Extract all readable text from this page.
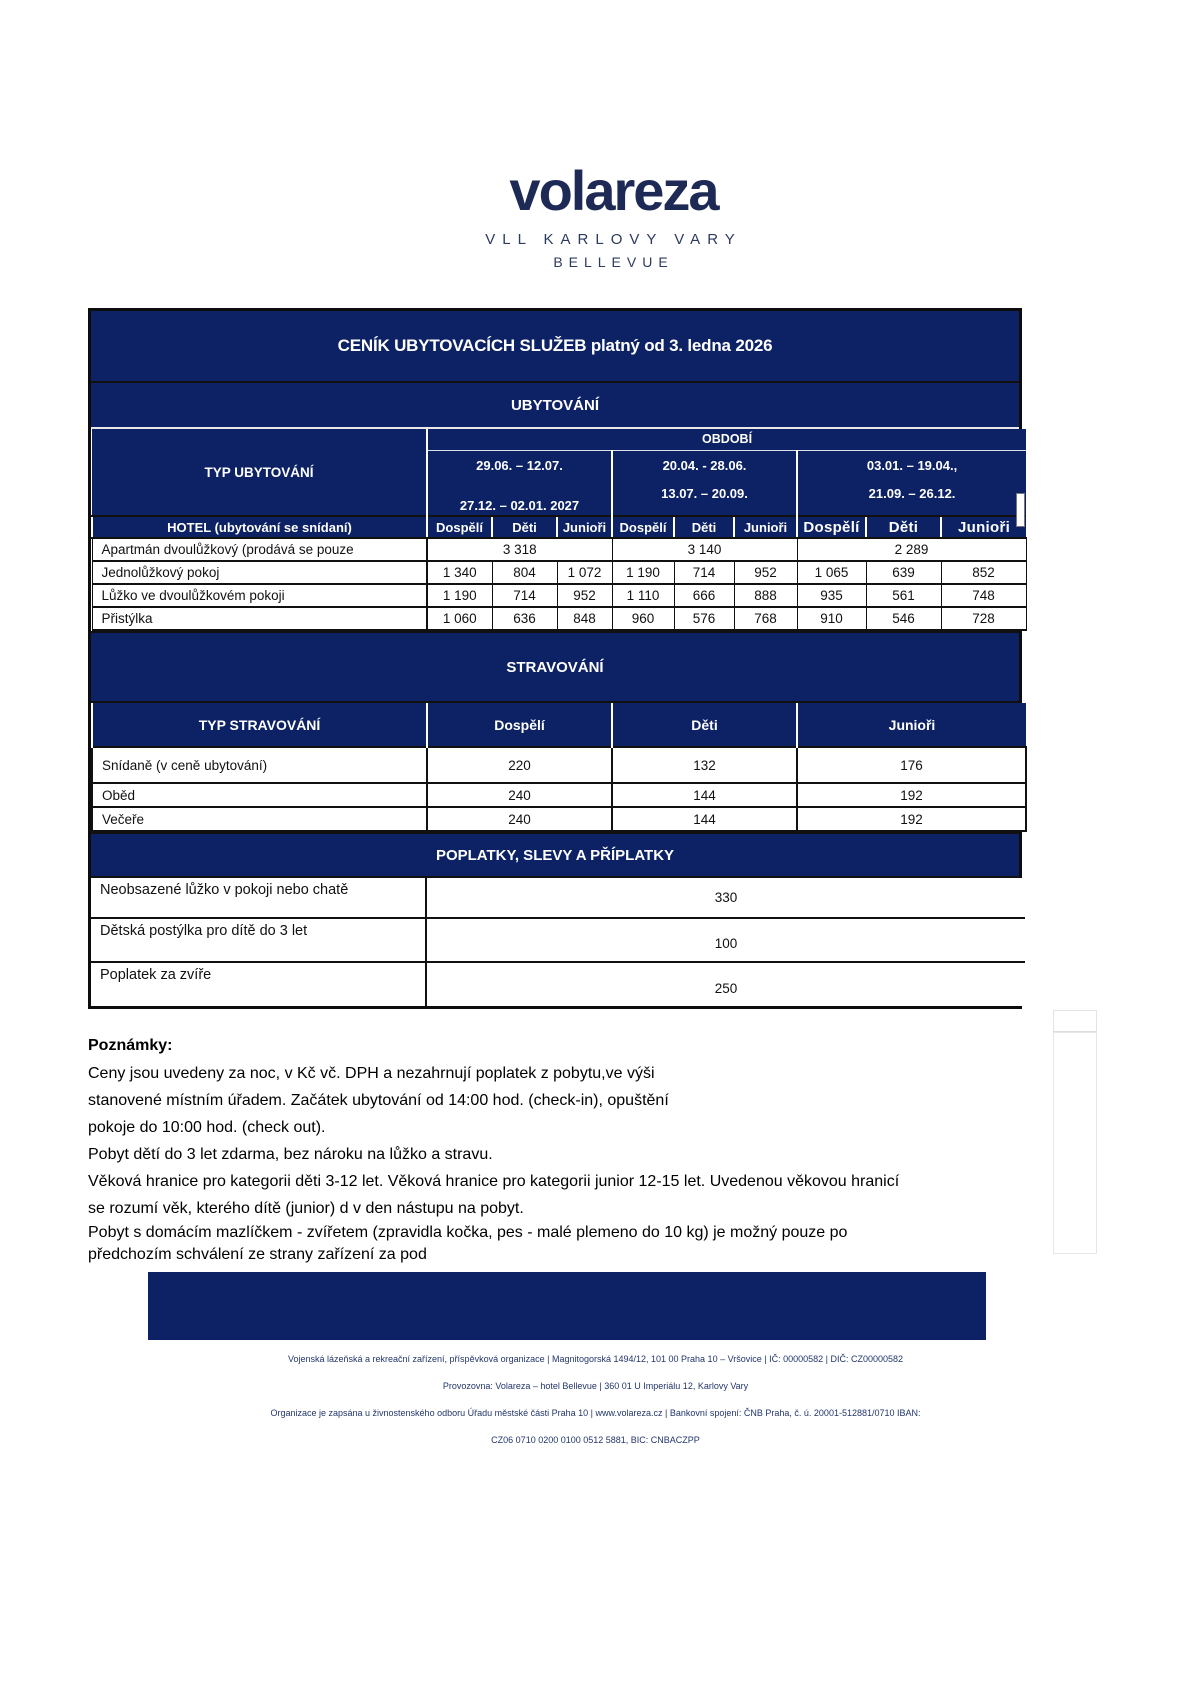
volareza
VLL KARLOVY VARY
BELLEVUE
CENÍK UBYTOVACÍCH SLUŽEB platný od 3. ledna 2026
UBYTOVÁNÍ
TYP UBYTOVÁNÍ	OBDOBÍ								

29.06. – 12.07.
27.12. – 02.01. 2027

20.04. - 28.06.
13.07. – 20.09.

03.01. – 19.04.,
21.09. – 26.12.

HOTEL (ubytování se snídaní)	Dospělí	Děti	Junioři	Dospělí	Děti	Junioři	Dospělí	Děti	Junioři
Apartmán dvoulůžkový (prodává se pouze	3 318			3 140			2 289		
Jednolůžkový pokoj	1 340	804	1 072	1 190	714	952	1 065	639	852
Lůžko ve dvoulůžkovém pokoji	1 190	714	952	1 110	666	888	935	561	748
Přistýlka	1 060	636	848	960	576	768	910	546	728
STRAVOVÁNÍ
TYP STRAVOVÁNÍ	Dospělí	Děti	Junioři
Snídaně (v ceně ubytování)	220	132	176
Oběd	240	144	192
Večeře	240	144	192
POPLATKY, SLEVY A PŘÍPLATKY
Neobsazené lůžko v pokoji nebo chatě	330
Dětská postýlka pro dítě do 3 let	100
Poplatek za zvíře	250
Poznámky:
Ceny jsou uvedeny za noc, v Kč vč. DPH a nezahrnují poplatek z pobytu,ve výši
stanovené místním úřadem. Začátek ubytování od 14:00 hod. (check-in), opuštění
pokoje do 10:00 hod. (check out).
Pobyt dětí do 3 let zdarma, bez nároku na lůžko a stravu.
Věková hranice pro kategorii děti 3-12 let. Věková hranice pro kategorii junior 12-15 let. Uvedenou věkovou hranicí
se rozumí věk, kterého dítě (junior) d v den nástupu na pobyt.
Pobyt s domácím mazlíčkem - zvířetem (zpravidla kočka, pes - malé plemeno do 10 kg) je možný pouze po
předchozím schválení ze strany zařízení za pod
Vojenská lázeňská a rekreační zařízení, příspěvková organizace | Magnitogorská 1494/12, 101 00 Praha 10 – Vršovice | IČ: 00000582 | DIČ: CZ00000582
Provozovna: Volareza – hotel Bellevue | 360 01 U Imperiálu 12, Karlovy Vary
Organizace je zapsána u živnostenského odboru Úřadu městské části Praha 10 | www.volareza.cz | Bankovní spojení: ČNB Praha, č. ú. 20001-512881/0710 IBAN:
CZ06 0710 0200 0100 0512 5881, BIC: CNBACZPP
